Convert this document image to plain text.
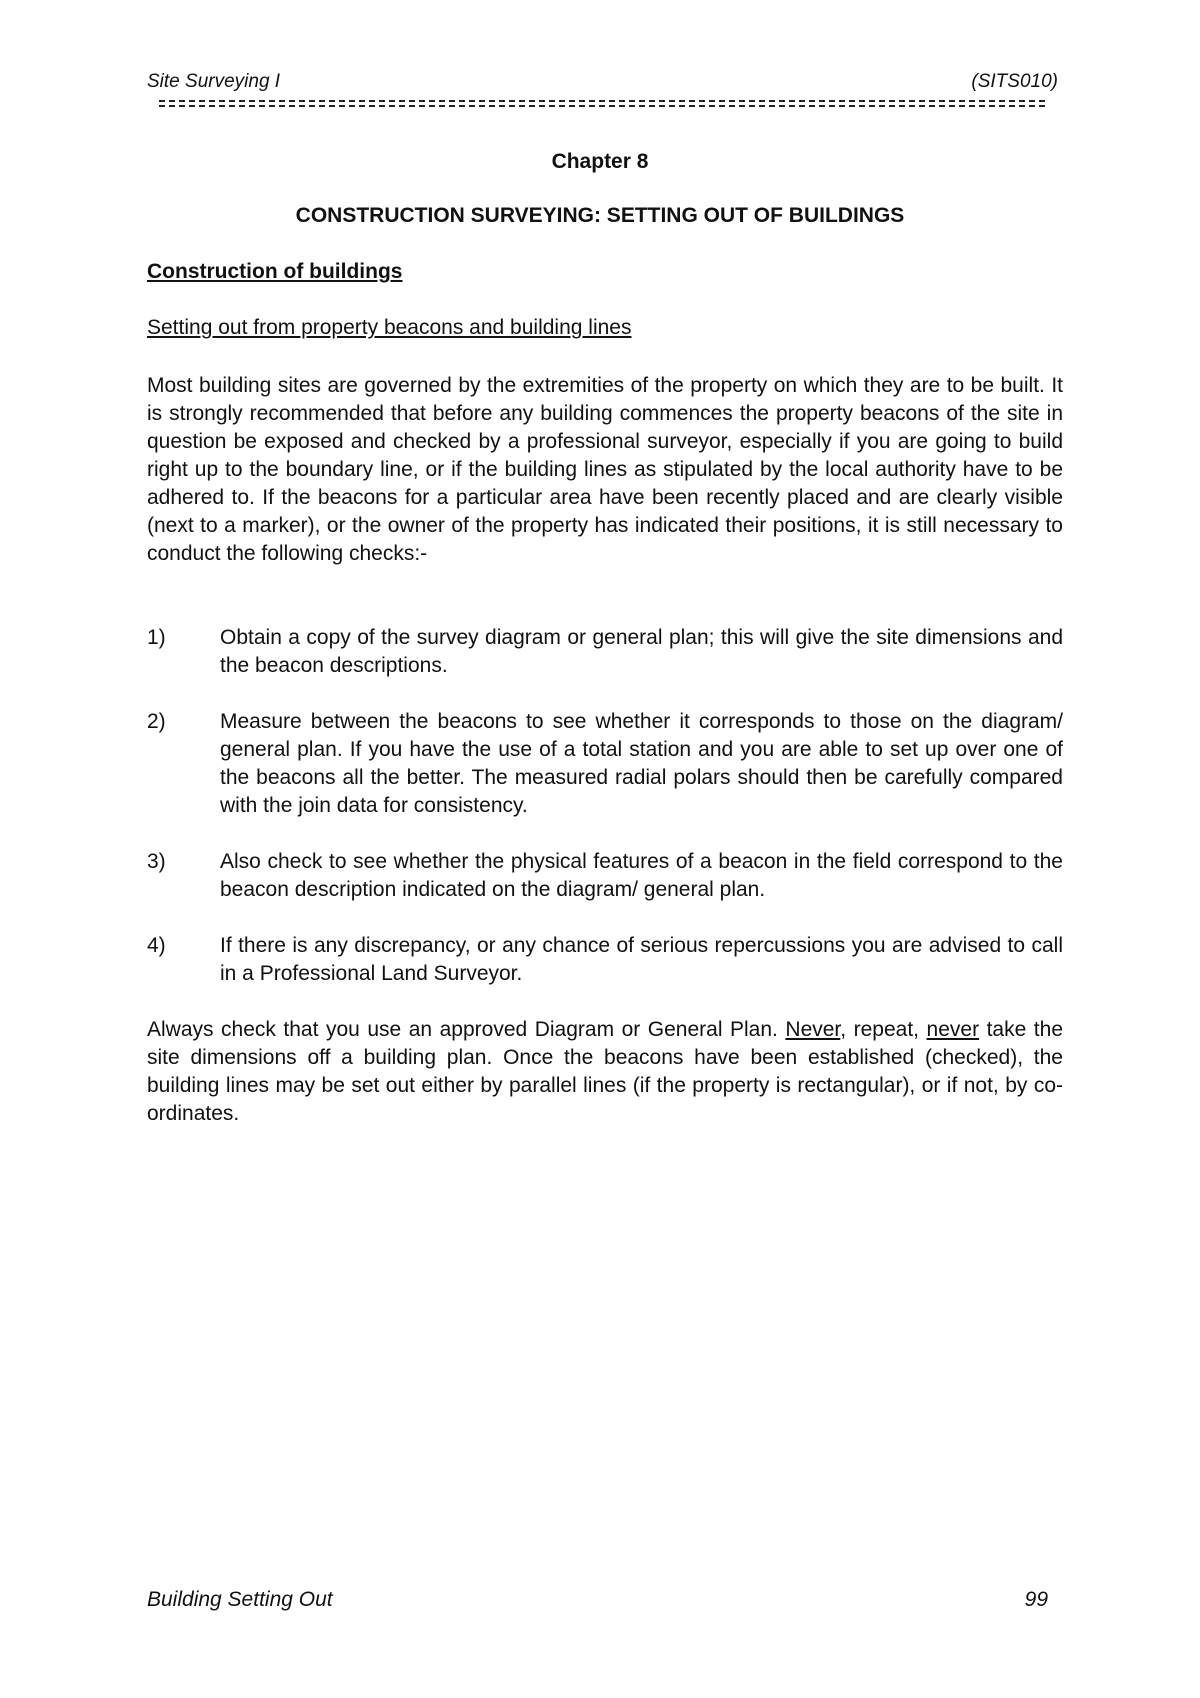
Site Surveying I	(SITS010)
Chapter 8
CONSTRUCTION SURVEYING: SETTING OUT OF BUILDINGS
Construction of buildings
Setting out from property beacons and building lines

Most building sites are governed by the extremities of the property on which they are to be built. It is strongly recommended that before any building commences the property beacons of the site in question be exposed and checked by a professional surveyor, especially if you are going to build right up to the boundary line, or if the building lines as stipulated by the local authority have to be adhered to. If the beacons for a particular area have been recently placed and are clearly visible (next to a marker), or the owner of the property has indicated their positions, it is still necessary to conduct the following checks:-

1)	Obtain a copy of the survey diagram or general plan; this will give the site dimensions and the beacon descriptions.
2)	Measure between the beacons to see whether it corresponds to those on the diagram/ general plan. If you have the use of a total station and you are able to set up over one of the beacons all the better. The measured radial polars should then be carefully compared with the join data for consistency.
3)	Also check to see whether the physical features of a beacon in the field correspond to the beacon description indicated on the diagram/ general plan.
4)	If there is any discrepancy, or any chance of serious repercussions you are advised to call in a Professional Land Surveyor.

Always check that you use an approved Diagram or General Plan. Never, repeat, never take the site dimensions off a building plan. Once the beacons have been established (checked), the building lines may be set out either by parallel lines (if the property is rectangular), or if not, by co-ordinates.

Building Setting Out	99
